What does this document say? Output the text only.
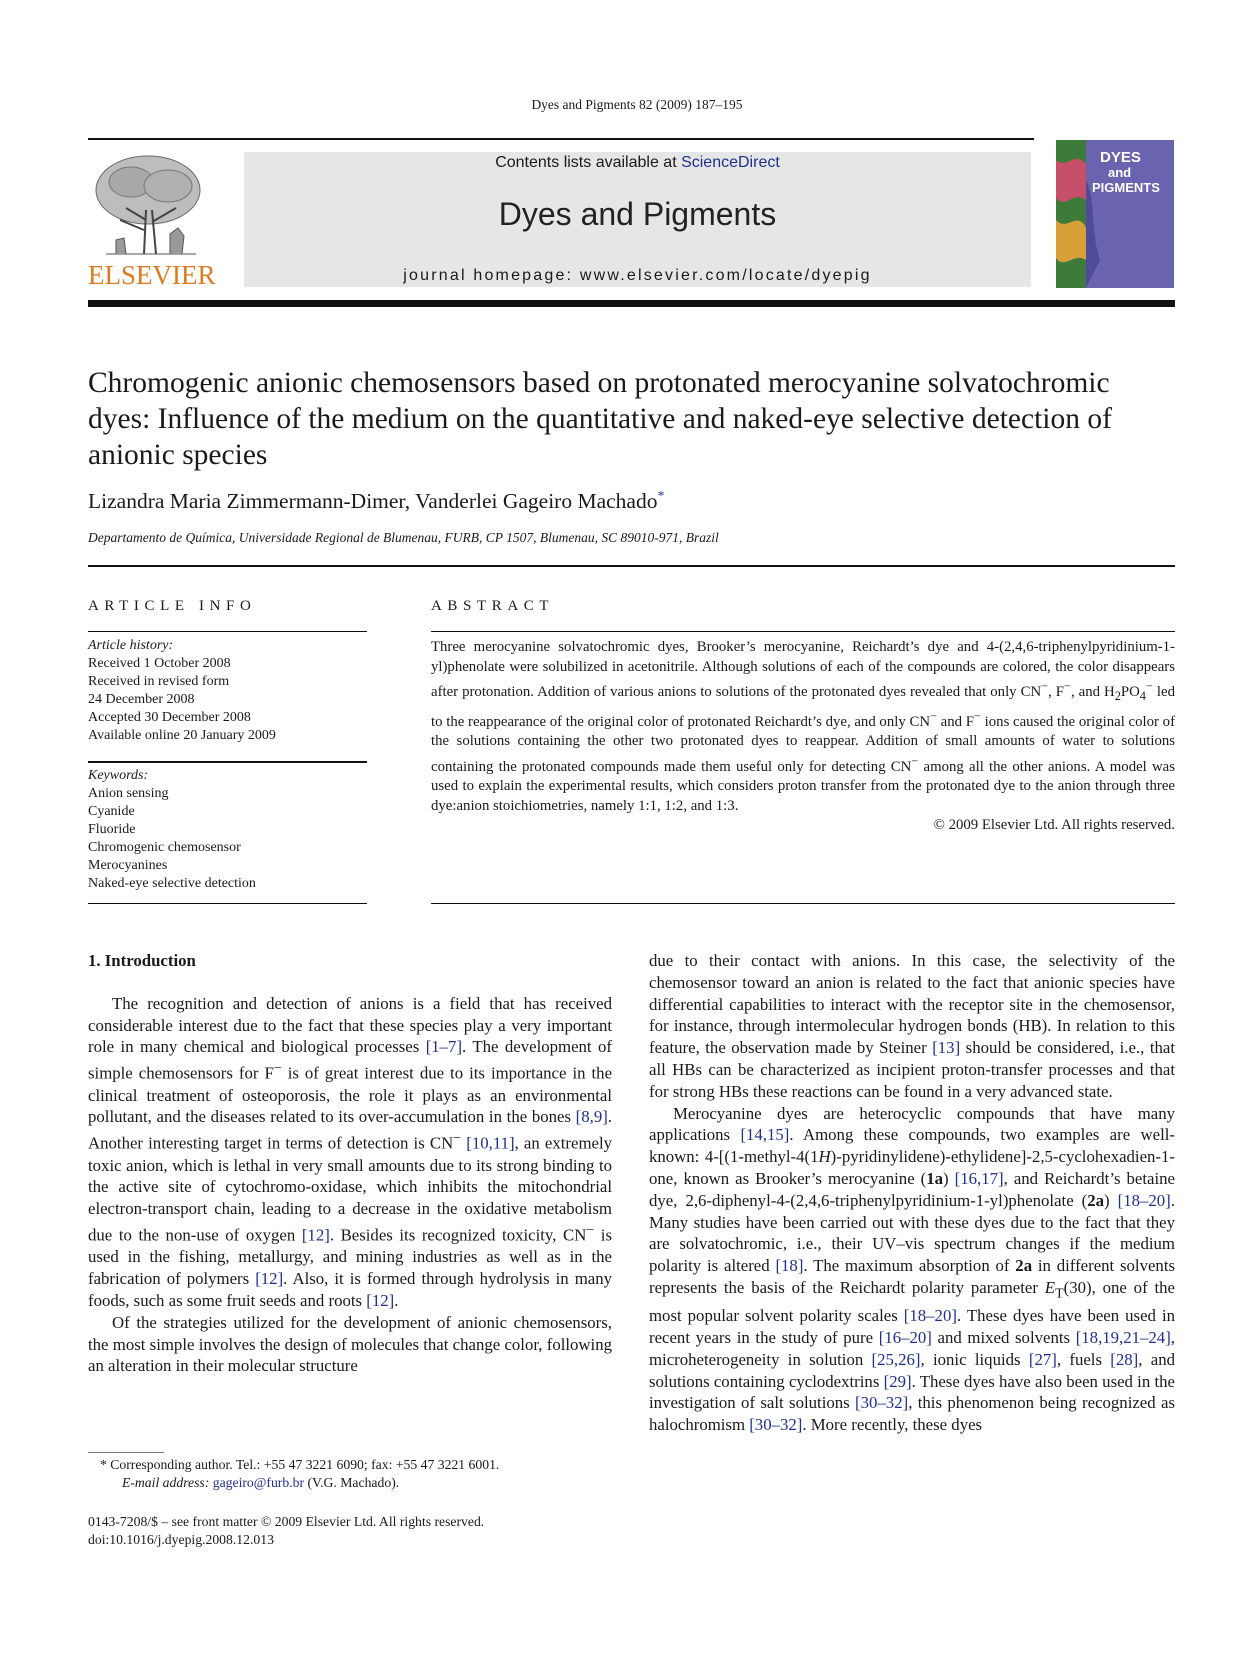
Dyes and Pigments 82 (2009) 187–195
ELSEVIER
Contents lists available at ScienceDirect
Dyes and Pigments
journal homepage: www.elsevier.com/locate/dyepig
DYES
and
PIGMENTS
Chromogenic anionic chemosensors based on protonated merocyanine solvatochromic dyes: Influence of the medium on the quantitative and naked-eye selective detection of anionic species
Lizandra Maria Zimmermann-Dimer, Vanderlei Gageiro Machado*
Departamento de Química, Universidade Regional de Blumenau, FURB, CP 1507, Blumenau, SC 89010-971, Brazil
ARTICLE INFO	ABSTRACT
Article history:
Received 1 October 2008
Received in revised form
24 December 2008
Accepted 30 December 2008
Available online 20 January 2009
Keywords:
Anion sensing
Cyanide
Fluoride
Chromogenic chemosensor
Merocyanines
Naked-eye selective detection
Three merocyanine solvatochromic dyes, Brooker’s merocyanine, Reichardt’s dye and 4-(2,4,6-triphenylpyridinium-1-yl)phenolate were solubilized in acetonitrile. Although solutions of each of the compounds are colored, the color disappears after protonation. Addition of various anions to solutions of the protonated dyes revealed that only CN−, F−, and $H_2PO_4^-$ led to the reappearance of the original color of protonated Reichardt’s dye, and only CN− and F− ions caused the original color of the solutions containing the other two protonated dyes to reappear. Addition of small amounts of water to solutions containing the protonated compounds made them useful only for detecting CN− among all the other anions. A model was used to explain the experimental results, which considers proton transfer from the protonated dye to the anion through three dye:anion stoichiometries, namely 1:1, 1:2, and 1:3.
© 2009 Elsevier Ltd. All rights reserved.
1. Introduction

The recognition and detection of anions is a field that has received considerable interest due to the fact that these species play a very important role in many chemical and biological processes [1–7]. The development of simple chemosensors for F− is of great interest due to its importance in the clinical treatment of osteoporosis, the role it plays as an environmental pollutant, and the diseases related to its over-accumulation in the bones [8,9]. Another interesting target in terms of detection is CN− [10,11], an extremely toxic anion, which is lethal in very small amounts due to its strong binding to the active site of cytochromo-oxidase, which inhibits the mitochondrial electron-transport chain, leading to a decrease in the oxidative metabolism due to the non-use of oxygen [12]. Besides its recognized toxicity, CN− is used in the fishing, metallurgy, and mining industries as well as in the fabrication of polymers [12]. Also, it is formed through hydrolysis in many foods, such as some fruit seeds and roots [12].

Of the strategies utilized for the development of anionic chemosensors, the most simple involves the design of molecules that change color, following an alteration in their molecular structure

due to their contact with anions. In this case, the selectivity of the chemosensor toward an anion is related to the fact that anionic species have differential capabilities to interact with the receptor site in the chemosensor, for instance, through intermolecular hydrogen bonds (HB). In relation to this feature, the observation made by Steiner [13] should be considered, i.e., that all HBs can be characterized as incipient proton-transfer processes and that for strong HBs these reactions can be found in a very advanced state.

Merocyanine dyes are heterocyclic compounds that have many applications [14,15]. Among these compounds, two examples are well-known: 4-[(1-methyl-4(1H)-pyridinylidene)-ethylidene]-2,5-cyclohexadien-1-one, known as Brooker’s merocyanine (1a) [16,17], and Reichardt’s betaine dye, 2,6-diphenyl-4-(2,4,6-triphenylpyridinium-1-yl)phenolate (2a) [18–20]. Many studies have been carried out with these dyes due to the fact that they are solvatochromic, i.e., their UV–vis spectrum changes if the medium polarity is altered [18]. The maximum absorption of 2a in different solvents represents the basis of the Reichardt polarity parameter $E_T(30)$, one of the most popular solvent polarity scales [18–20]. These dyes have been used in recent years in the study of pure [16–20] and mixed solvents [18,19,21–24], microheterogeneity in solution [25,26], ionic liquids [27], fuels [28], and solutions containing cyclodextrins [29]. These dyes have also been used in the investigation of salt solutions [30–32], this phenomenon being recognized as halochromism [30–32]. More recently, these dyes

* Corresponding author. Tel.: +55 47 3221 6090; fax: +55 47 3221 6001.
E-mail address: gageiro@furb.br (V.G. Machado).
0143-7208/$ – see front matter © 2009 Elsevier Ltd. All rights reserved.
doi:10.1016/j.dyepig.2008.12.013
